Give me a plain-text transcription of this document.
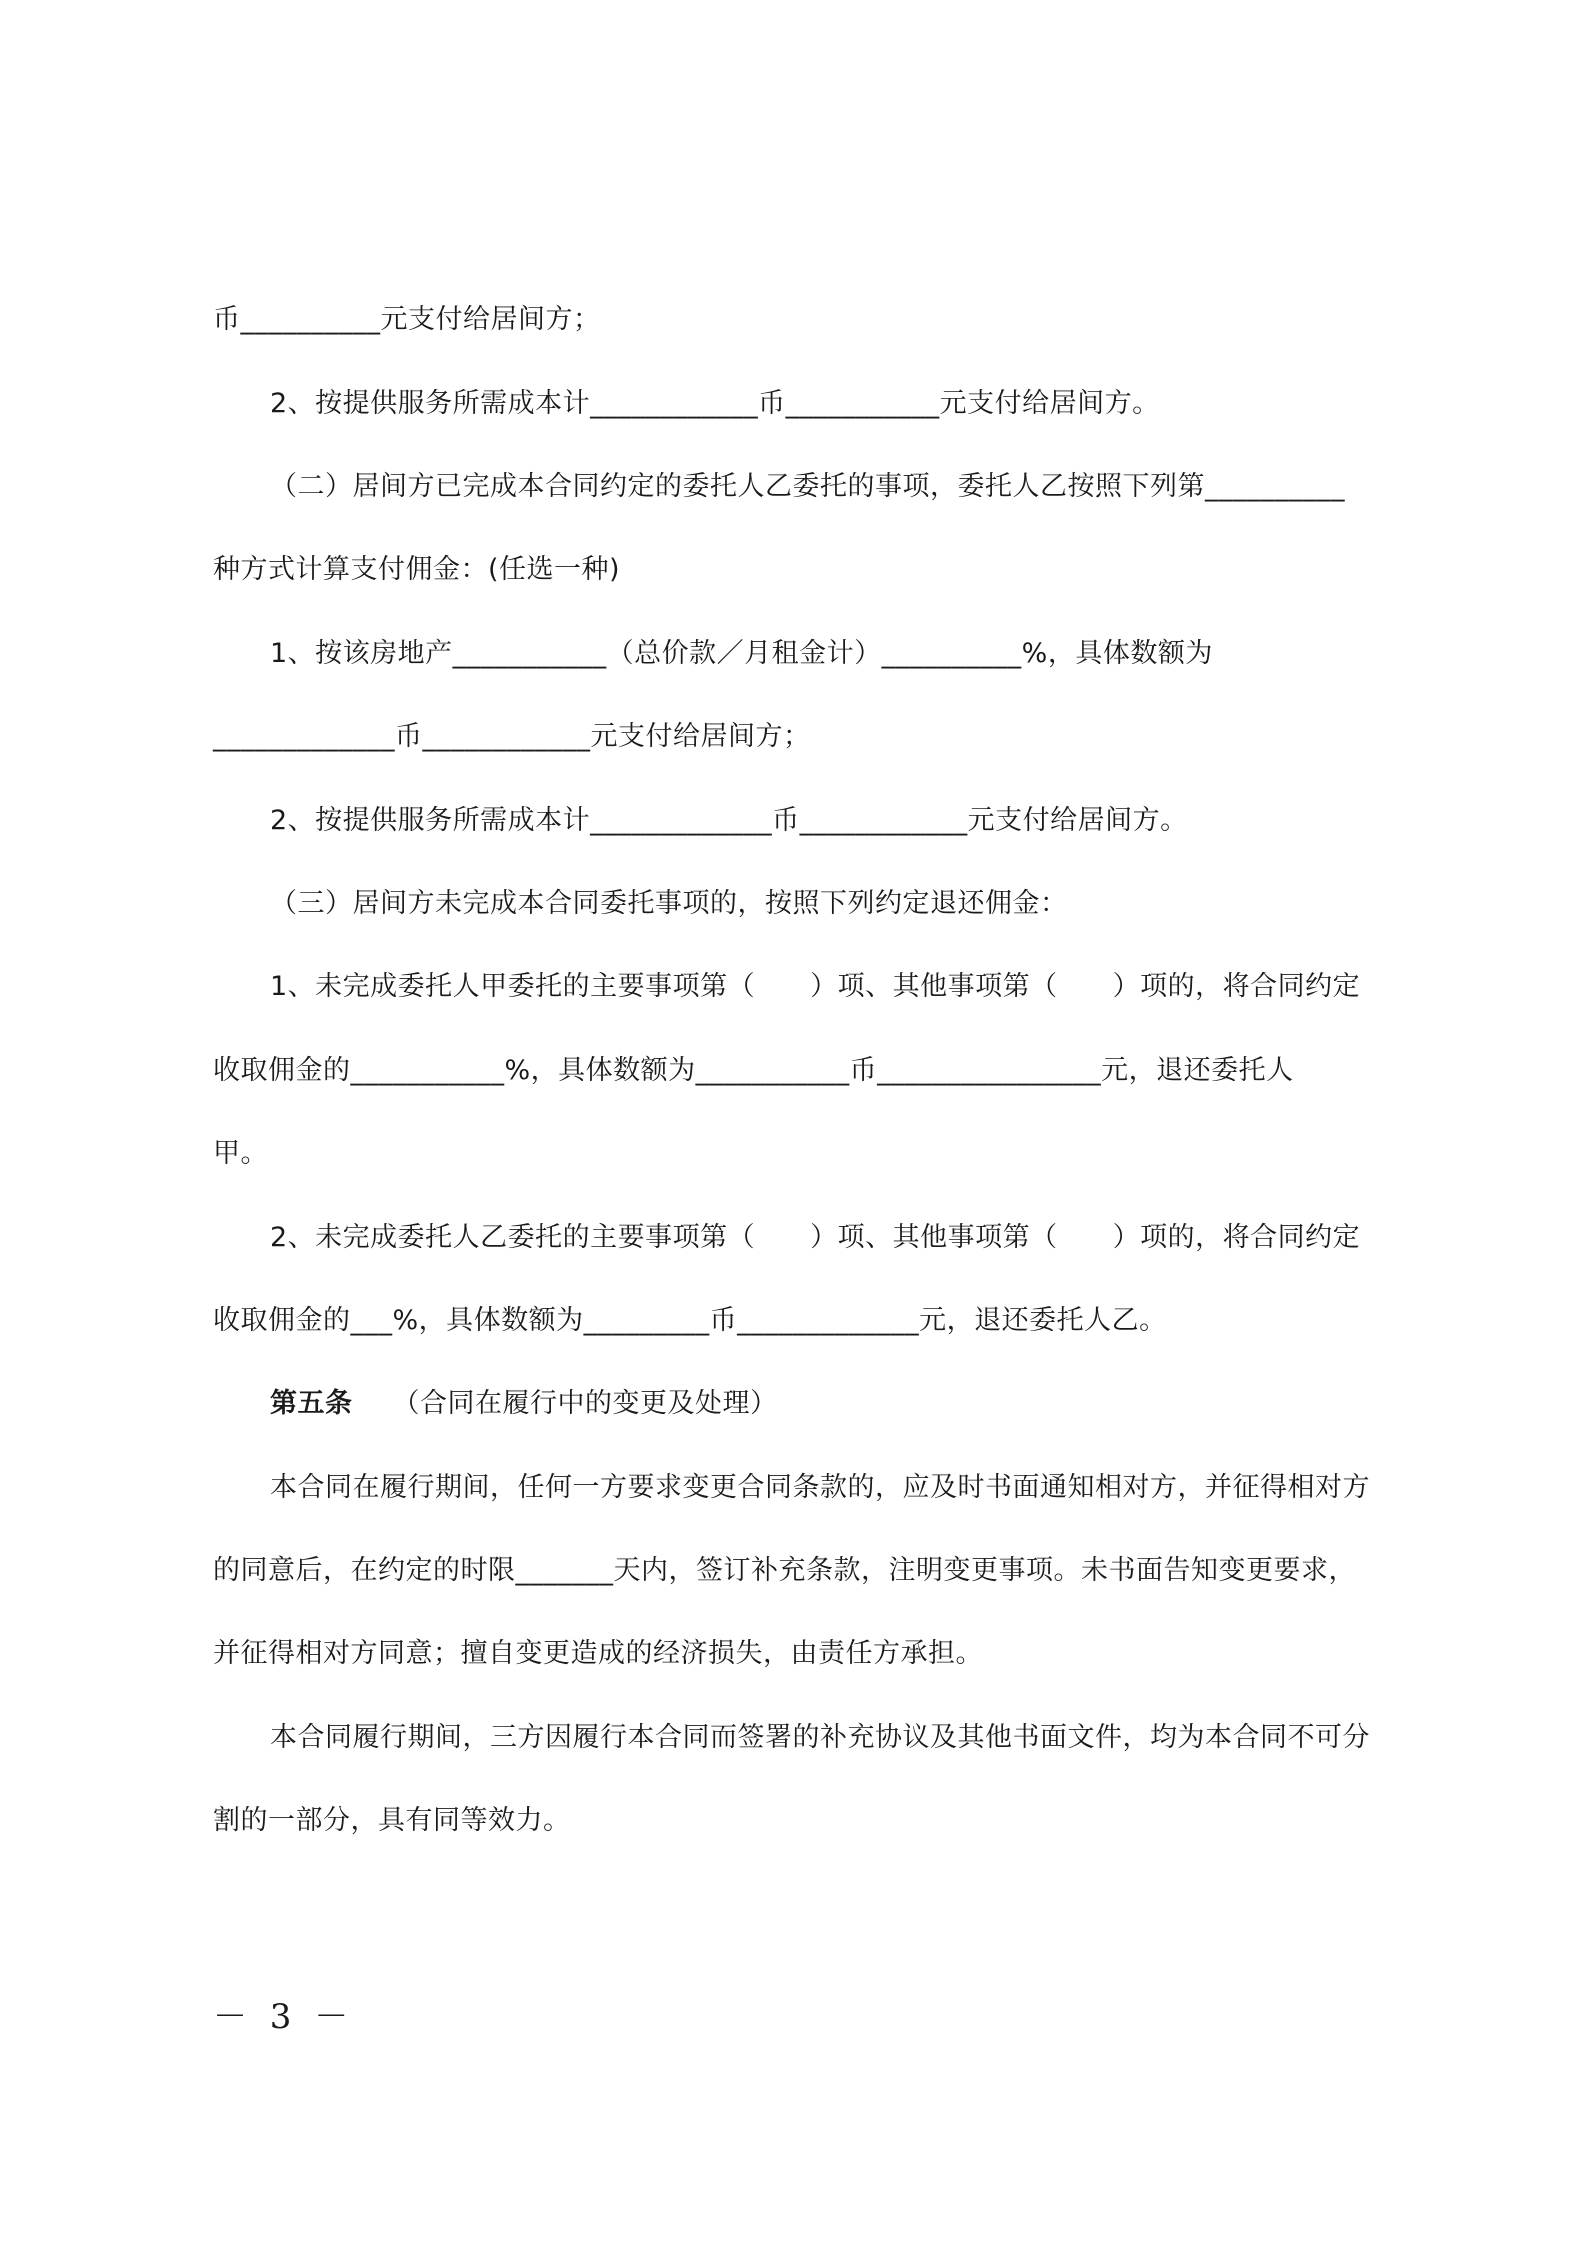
币__________元支付给居间方；
2、按提供服务所需成本计____________币___________元支付给居间方。
（二）居间方已完成本合同约定的委托人乙委托的事项，委托人乙按照下列第__________
种方式计算支付佣金：(任选一种)
1、按该房地产___________（总价款／月租金计）__________%，具体数额为
_____________币____________元支付给居间方；
2、按提供服务所需成本计_____________币____________元支付给居间方。
（三）居间方未完成本合同委托事项的，按照下列约定退还佣金：
1、未完成委托人甲委托的主要事项第（　　）项、其他事项第（　　）项的，将合同约定
收取佣金的___________%，具体数额为___________币________________元，退还委托人
甲。
2、未完成委托人乙委托的主要事项第（　　）项、其他事项第（　　）项的，将合同约定
收取佣金的___%，具体数额为_________币_____________元，退还委托人乙。
第五条 （合同在履行中的变更及处理）
本合同在履行期间，任何一方要求变更合同条款的，应及时书面通知相对方，并征得相对方
的同意后，在约定的时限_______天内，签订补充条款，注明变更事项。未书面告知变更要求，
并征得相对方同意；擅自变更造成的经济损失，由责任方承担。
本合同履行期间，三方因履行本合同而签署的补充协议及其他书面文件，均为本合同不可分
割的一部分，具有同等效力。
－ 3 －
